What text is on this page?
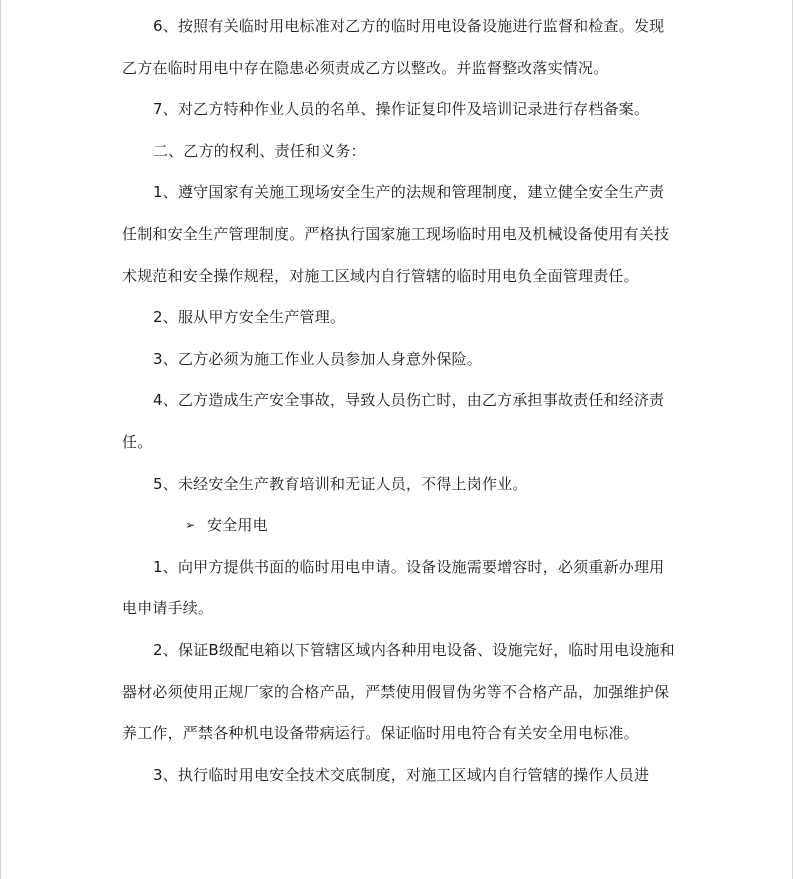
6、按照有关临时用电标准对乙方的临时用电设备设施进行监督和检查。发现乙方在临时用电中存在隐患必须责成乙方以整改。并监督整改落实情况。

7、对乙方特种作业人员的名单、操作证复印件及培训记录进行存档备案。

二、乙方的权利、责任和义务：

1、遵守国家有关施工现场安全生产的法规和管理制度，建立健全安全生产责任制和安全生产管理制度。严格执行国家施工现场临时用电及机械设备使用有关技术规范和安全操作规程，对施工区域内自行管辖的临时用电负全面管理责任。

2、服从甲方安全生产管理。

3、乙方必须为施工作业人员参加人身意外保险。

4、乙方造成生产安全事故，导致人员伤亡时，由乙方承担事故责任和经济责任。

5、未经安全生产教育培训和无证人员，不得上岗作业。

➢ 安全用电

1、向甲方提供书面的临时用电申请。设备设施需要增容时，必须重新办理用电申请手续。

2、保证B级配电箱以下管辖区域内各种用电设备、设施完好，临时用电设施和器材必须使用正规厂家的合格产品，严禁使用假冒伪劣等不合格产品，加强维护保养工作，严禁各种机电设备带病运行。保证临时用电符合有关安全用电标准。

3、执行临时用电安全技术交底制度，对施工区域内自行管辖的操作人员进
